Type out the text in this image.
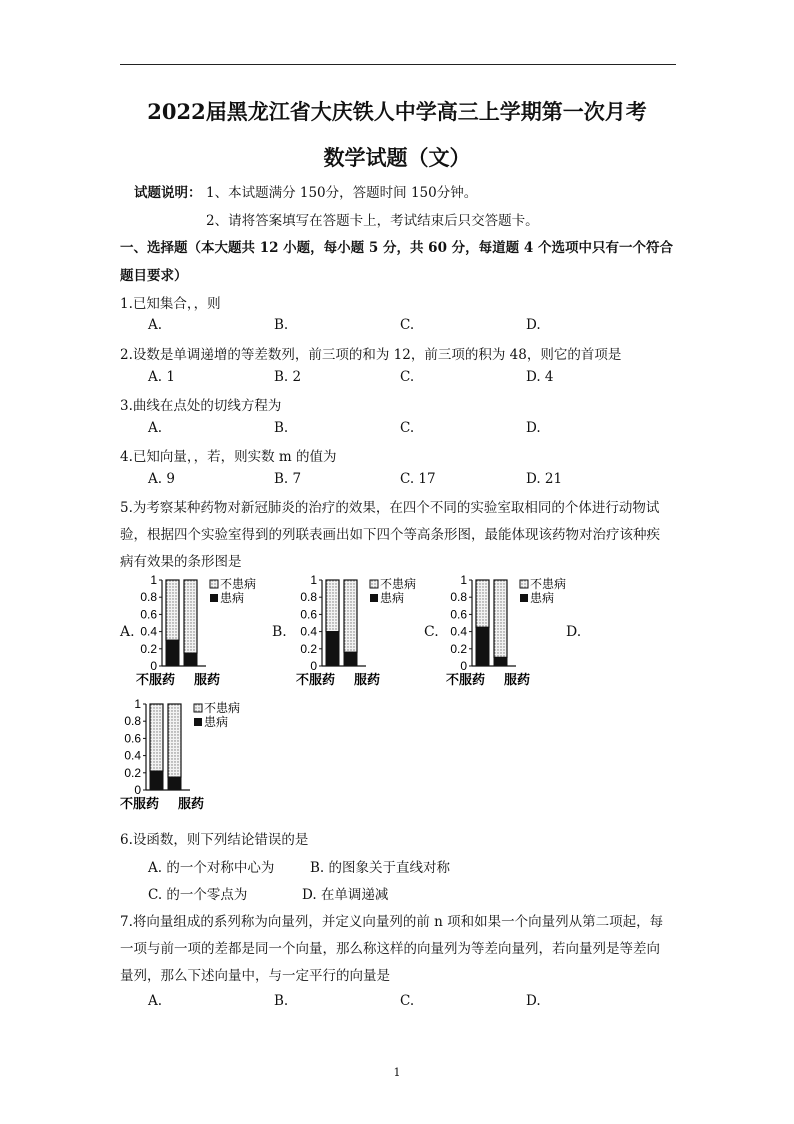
2022届黑龙江省大庆铁人中学高三上学期第一次月考
数学试题（文）
试题说明： 1、本试题满分 150分，答题时间 150分钟。
2、请将答案填写在答题卡上，考试结束后只交答题卡。
一、选择题（本大题共 12 小题，每小题 5 分，共 60 分，每道题 4 个选项中只有一个符合
题目要求）
1.已知集合，，则
A.	B.	C.	D.
2.设数是单调递增的等差数列，前三项的和为 12，前三项的积为 48，则它的首项是
A. 1	B. 2	C.	D. 4
3.曲线在点处的切线方程为
A.	B.	C.	D.
4.已知向量，，若，则实数 m 的值为
A. 9	B. 7	C. 17	D. 21
5.为考察某种药物对新冠肺炎的治疗的效果，在四个不同的实验室取相同的个体进行动物试
验，根据四个实验室得到的列联表画出如下四个等高条形图，最能体现该药物对治疗该种疾
病有效果的条形图是
A.	B.	C.	D.
0
0.2
0.4
0.6
0.8
1
不服药 服药
不患病
患病
0
0.2
0.4
0.6
0.8
1
不服药 服药
不患病
患病
0
0.2
0.4
0.6
0.8
1
不服药 服药
不患病
患病
0
0.2
0.4
0.6
0.8
1
不服药 服药
不患病
患病
6.设函数，则下列结论错误的是
A. 的一个对称中心为	B. 的图象关于直线对称
C. 的一个零点为	D. 在单调递减
7.将向量组成的系列称为向量列，并定义向量列的前 n 项和如果一个向量列从第二项起，每
一项与前一项的差都是同一个向量，那么称这样的向量列为等差向量列，若向量列是等差向
量列，那么下述向量中，与一定平行的向量是
A.	B.	C.	D.
1
